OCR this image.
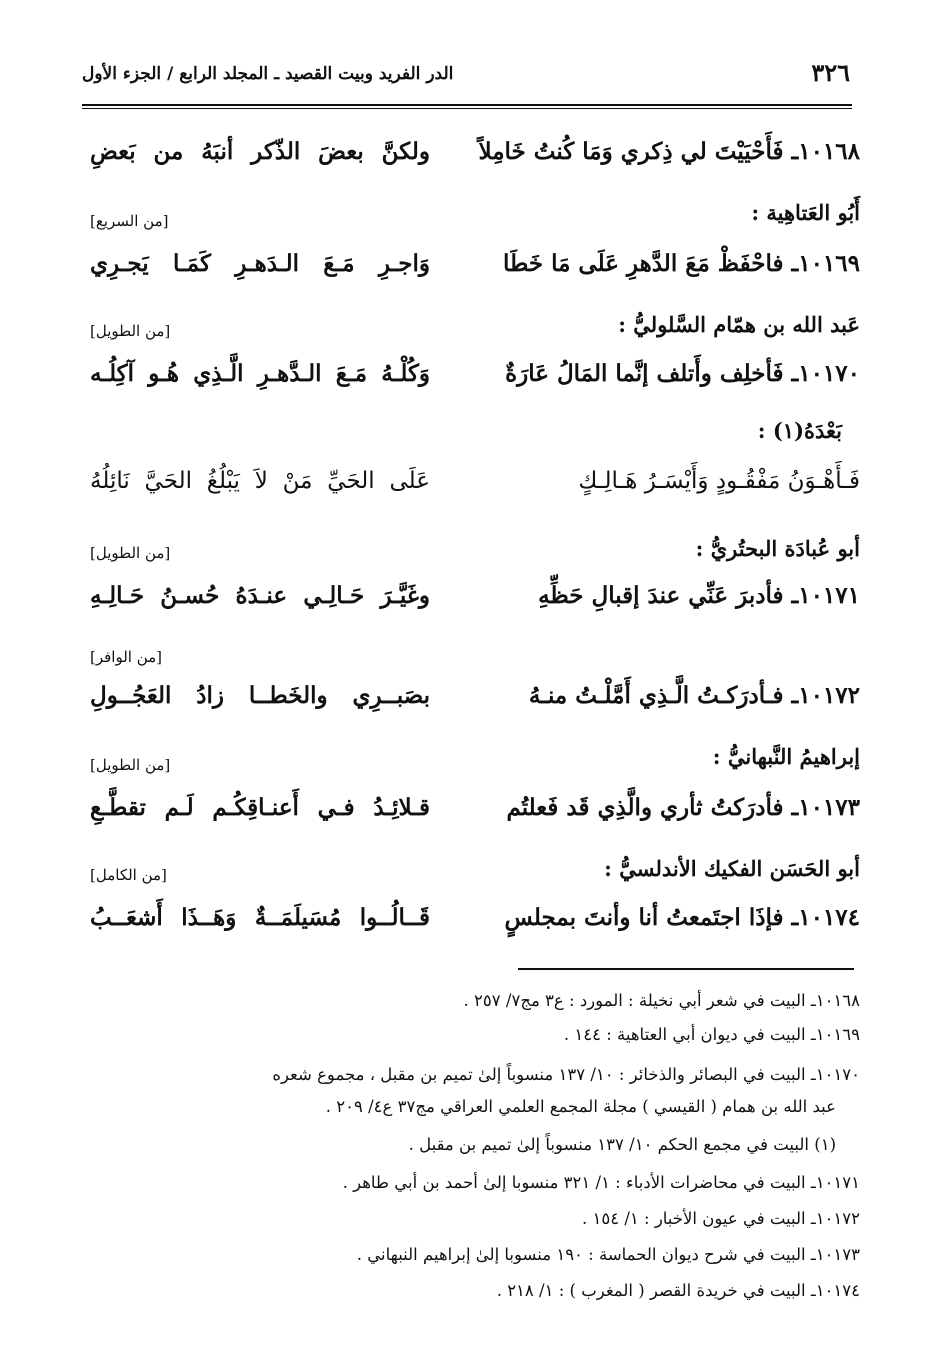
٣٢٦
الدر الفريد وبيت القصيد ـ المجلد الرابع / الجزء الأول
١٠١٦٨ـ فَأَحْيَيْتَ لي ذِكري وَمَا كُنتُ خَامِلاً
ولكنَّ بعضَ الذّكر أنبَهُ من بَعضِ
أَبُو العَتاهِية :
[من السريع]
١٠١٦٩ـ فاحْفَظْ مَعَ الدَّهرِ عَلَى مَا خَطَا
وَاجـرِ مَـعَ الـدَهـرِ كَمَـا يَجـرِي
عَبد الله بن همّام السَّلوليُّ :
[من الطويل]
١٠١٧٠ـ فَأخلِف وأَتلف إنَّما المَالُ عَارَةٌ
وَكُلْـهُ مَـعَ الـدَّهـرِ الَّـذِي هُـو آكِلُـه
بَعْدَهُ(١) :
فَـأَهْـوَنُ مَفْقُـودٍ وَأَيْسَـرُ هَـالِـكٍ
عَلَى الحَيِّ مَنْ لاَ يَبْلُغُ الحَيَّ نَائِلُهُ
أبو عُبادَة البحتُريُّ :
[من الطويل]
١٠١٧١ـ فأدبرَ عَنِّي عندَ إقبالِ حَظِّهِ
وغَيَّـرَ حَـالِـي عنـدَهُ حُسـنُ حَـالِـهِ
[من الوافر]
١٠١٧٢ـ فـأدرَكـتُ الَّـذِي أَمَّلْـتُ منـهُ
بصَبــرِي والخَطــا زادُ العَجُــولِ
إبراهيمُ النَّبهانيُّ :
[من الطويل]
١٠١٧٣ـ فأدرَكتُ ثأري والَّذِي قَد فَعلتُم
قـلائِـدُ فـي أَعنـاقِكُـم لَـم تقطَّـعِ
أبو الحَسَن الفكيك الأندلسيُّ :
[من الكامل]
١٠١٧٤ـ فإذَا اجتَمعتُ أنا وأنتَ بمجلسٍ
قَــالُــوا مُسَيلَمَــةٌ وَهَــذَا أَشعَــبُ
١٠١٦٨ـ البيت في شعر أبي نخيلة : المورد : ع٣ مج٧/ ٢٥٧ .
١٠١٦٩ـ البيت في ديوان أبي العتاهية : ١٤٤ .
١٠١٧٠ـ البيت في البصائر والذخائر : ١٠/ ١٣٧ منسوباً إلىٰ تميم بن مقبل ، مجموع شعره
عبد الله بن همام ( القيسي ) مجلة المجمع العلمي العراقي مج٣٧ ع٤/ ٢٠٩ .
(١) البيت في مجمع الحكم ١٠/ ١٣٧ منسوباً إلىٰ تميم بن مقبل .
١٠١٧١ـ البيت في محاضرات الأدباء : ١/ ٣٢١ منسوبا إلىٰ أحمد بن أبي طاهر .
١٠١٧٢ـ البيت في عيون الأخبار : ١/ ١٥٤ .
١٠١٧٣ـ البيت في شرح ديوان الحماسة : ١٩٠ منسوبا إلىٰ إبراهيم النبهاني .
١٠١٧٤ـ البيت في خريدة القصر ( المغرب ) : ١/ ٢١٨ .
